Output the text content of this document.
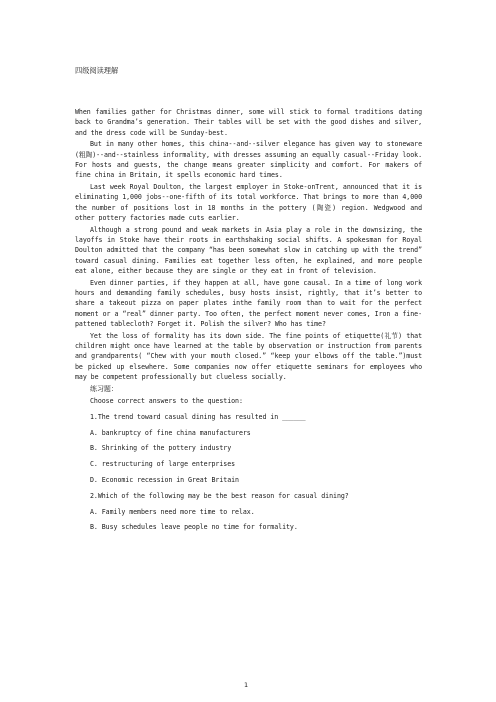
四级阅读理解

When families gather for Christmas dinner, some will stick to formal traditions dating back to Grandma’s generation. Their tables will be set with the good dishes and silver, and the dress code will be Sunday-best.

But in many other homes, this china--and--silver elegance has given way to stoneware (粗陶)--and--stainless informality, with dresses assuming an equally casual--Friday look. For hosts and guests, the change means greater simplicity and comfort. For makers of fine china in Britain, it spells economic hard times.

Last week Royal Doulton, the largest employer in Stoke-onTrent, announced that it is eliminating 1,000 jobs--one-fifth of its total workforce. That brings to more than 4,000 the number of positions lost in 18 months in the pottery (陶瓷) region. Wedgwood and other pottery factories made cuts earlier.

Although a strong pound and weak markets in Asia play a role in the downsizing, the layoffs in Stoke have their roots in earthshaking social shifts. A spokesman for Royal Doulton admitted that the company “has been somewhat slow in catching up with the trend” toward casual dining. Families eat together less often, he explained, and more people eat alone, either because they are single or they eat in front of television.

Even dinner parties, if they happen at all, have gone causal. In a time of long work hours and demanding family schedules, busy hosts insist, rightly, that it’s better to share a takeout pizza on paper plates inthe family room than to wait for the perfect moment or a “real” dinner party. Too often, the perfect moment never comes, Iron a fine-pattened tablecloth? Forget it. Polish the silver? Who has time?

Yet the loss of formality has its down side. The fine points of etiquette(礼节) that children might once have learned at the table by observation or instruction from parents and grandparents( “Chew with your mouth closed.” “keep your elbows off the table.”)must be picked up elsewhere. Some companies now offer etiquette seminars for employees who may be competent professionally but clueless socially.

练习题：

Choose correct answers to the question:

1.The trend toward casual dining has resulted in ______

A. bankruptcy of fine china manufacturers

B. Shrinking of the pottery industry

C. restructuring of large enterprises

D. Economic recession in Great Britain

2.Which of the following may be the best reason for casual dining?

A. Family members need more time to relax.

B. Busy schedules leave people no time for formality.

1
